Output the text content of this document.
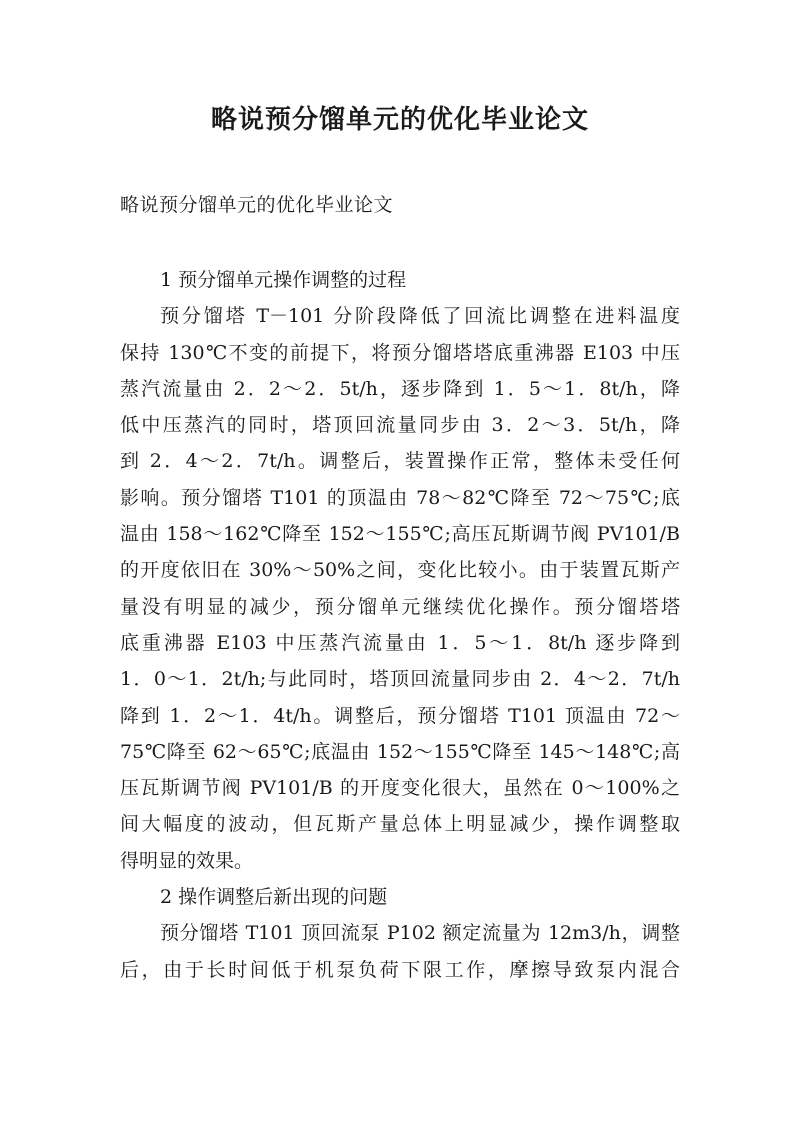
略说预分馏单元的优化毕业论文

略说预分馏单元的优化毕业论文

1 预分馏单元操作调整的过程
预分馏塔 T－101 分阶段降低了回流比调整在进料温度
保持 130℃不变的前提下，将预分馏塔塔底重沸器 E103 中压
蒸汽流量由 2．2～2．5t/h，逐步降到 1．5～1．8t/h，降
低中压蒸汽的同时，塔顶回流量同步由 3．2～3．5t/h，降
到 2．4～2．7t/h。调整后，装置操作正常，整体未受任何
影响。预分馏塔 T101 的顶温由 78～82℃降至 72～75℃;底
温由 158～162℃降至 152～155℃;高压瓦斯调节阀 PV101/B
的开度依旧在 30%～50%之间，变化比较小。由于装置瓦斯产
量没有明显的减少，预分馏单元继续优化操作。预分馏塔塔
底重沸器 E103 中压蒸汽流量由 1．5～1．8t/h 逐步降到
1．0～1．2t/h;与此同时，塔顶回流量同步由 2．4～2．7t/h
降到 1．2～1．4t/h。调整后，预分馏塔 T101 顶温由 72～
75℃降至 62～65℃;底温由 152～155℃降至 145～148℃;高
压瓦斯调节阀 PV101/B 的开度变化很大，虽然在 0～100%之
间大幅度的波动，但瓦斯产量总体上明显减少，操作调整取
得明显的效果。
2 操作调整后新出现的问题
预分馏塔 T101 顶回流泵 P102 额定流量为 12m3/h，调整
后，由于长时间低于机泵负荷下限工作，摩擦导致泵内混合
